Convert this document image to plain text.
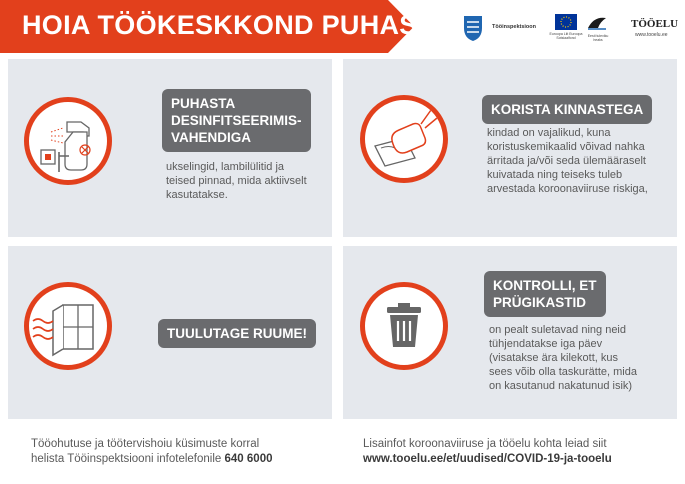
HOIA TÖÖKESKKOND PUHAS!	Tööinspektsioon
Euroopa Liit Euroopa Sotsiaalfond	Eesti tuleviku heaks
TÖÖELU
www.tooelu.ee
PUHASTA
DESINFITSEERIMIS-
VAHENDIGA
ukselingid, lambilülitid ja
teised pinnad, mida aktiivselt
kasutatakse.
KORISTA KINNASTEGA
kindad on vajalikud, kuna
koristuskemikaalid võivad nahka
ärritada ja/või seda ülemääraselt
kuivatada ning teiseks tuleb
arvestada koroonaviiruse riskiga,
TUULUTAGE RUUME!
KONTROLLI, ET
PRÜGIKASTID
on pealt suletavad ning neid
tühjendatakse iga päev
(visatakse ära kilekott, kus
sees võib olla taskurätte, mida
on kasutanud nakatunud isik)
Tööohutuse ja töötervishoiu küsimuste korral
helista Tööinspektsiooni infotelefonile 640 6000
Lisainfot koroonaviiruse ja tööelu kohta leiad siit
www.tooelu.ee/et/uudised/COVID-19-ja-tooelu
